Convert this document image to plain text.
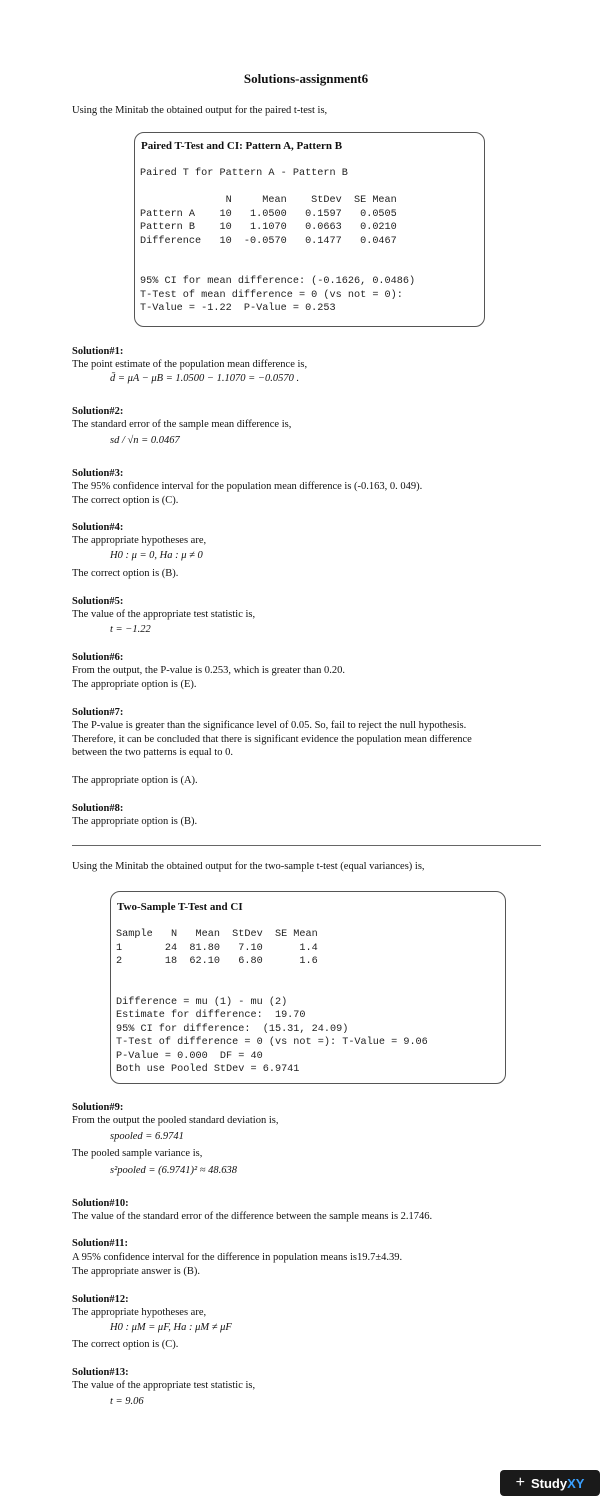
Solutions-assignment6
Using the Minitab the obtained output for the paired t-test is,
Paired T-Test and CI: Pattern A, Pattern B
Paired T for Pattern A - Pattern B

N     Mean    StDev  SE Mean
Pattern A    10   1.0500   0.1597   0.0505
Pattern B    10   1.1070   0.0663   0.0210
Difference   10  -0.0570   0.1477   0.0467

95% CI for mean difference: (-0.1626, 0.0486)
T-Test of mean difference = 0 (vs not = 0):
T-Value = -1.22  P-Value = 0.253
Solution#1:
The point estimate of the population mean difference is,
d̄ = μA − μB = 1.0500 − 1.1070 = −0.0570 .
Solution#2:
The standard error of the sample mean difference is,
sd / √n = 0.0467
Solution#3:
The 95% confidence interval for the population mean difference is (-0.163, 0. 049).
The correct option is (C).
Solution#4:
The appropriate hypotheses are,
H0 : μ = 0, Ha : μ ≠ 0
The correct option is (B).
Solution#5:
The value of the appropriate test statistic is,
t = −1.22
Solution#6:
From the output, the P-value is 0.253, which is greater than 0.20.
The appropriate option is (E).
Solution#7:
The P-value is greater than the significance level of 0.05. So, fail to reject the null hypothesis.
Therefore, it can be concluded that there is significant evidence the population mean difference
between the two patterns is equal to 0.
The appropriate option is (A).
Solution#8:
The appropriate option is (B).
Using the Minitab the obtained output for the two-sample t-test (equal variances) is,
Two-Sample T-Test and CI
Sample   N   Mean  StDev  SE Mean
1       24  81.80   7.10      1.4
2       18  62.10   6.80      1.6

Difference = mu (1) - mu (2)
Estimate for difference:  19.70
95% CI for difference:  (15.31, 24.09)
T-Test of difference = 0 (vs not =): T-Value = 9.06
P-Value = 0.000  DF = 40
Both use Pooled StDev = 6.9741
Solution#9:
From the output the pooled standard deviation is,
spooled = 6.9741
The pooled sample variance is,
s²pooled = (6.9741)² ≈ 48.638
Solution#10:
The value of the standard error of the difference between the sample means is 2.1746.
Solution#11:
A 95% confidence interval for the difference in population means is19.7±4.39.
The appropriate answer is (B).
Solution#12:
The appropriate hypotheses are,
H0 : μM = μF, Ha : μM ≠ μF
The correct option is (C).
Solution#13:
The value of the appropriate test statistic is,
t = 9.06
+ Study XY
